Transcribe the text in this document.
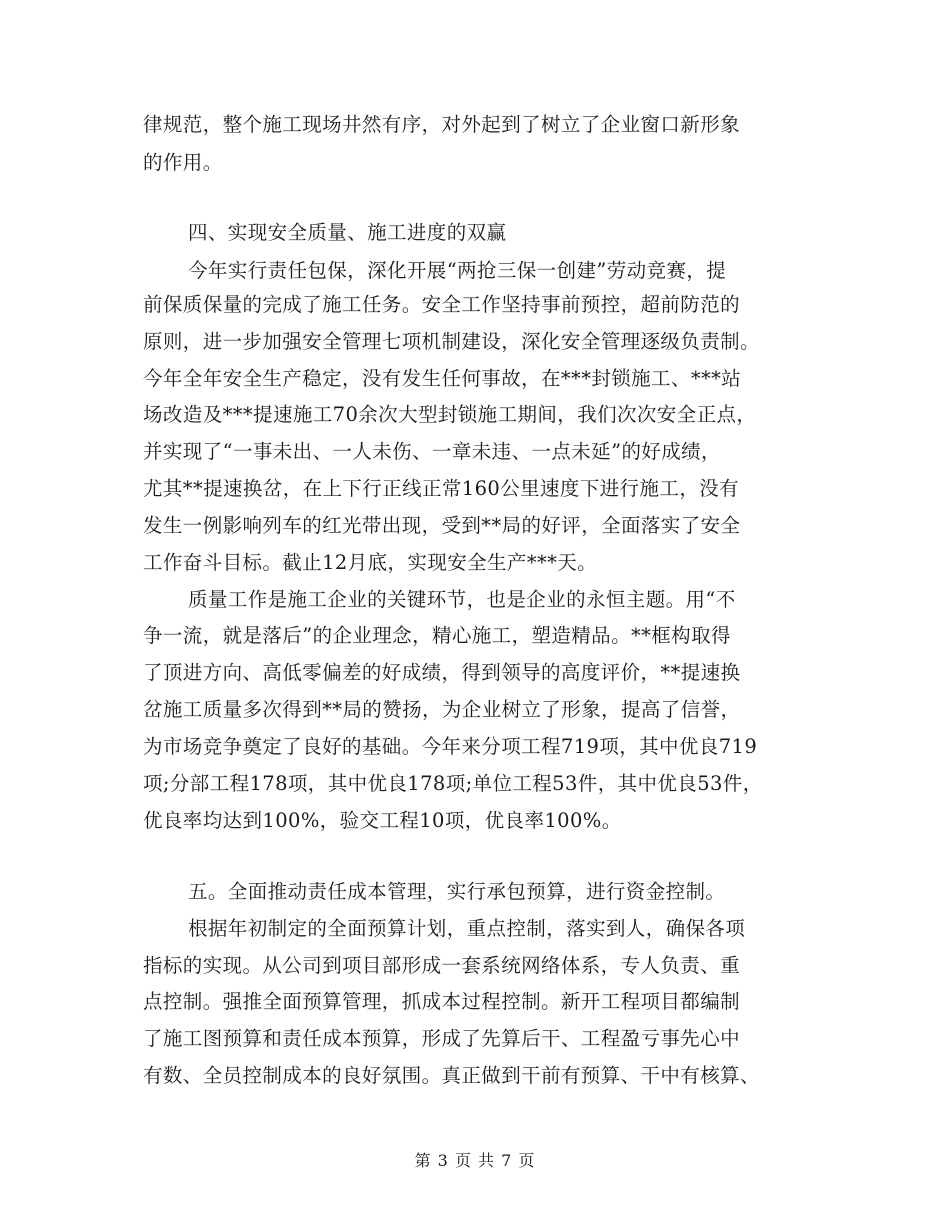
律规范，整个施工现场井然有序，对外起到了树立了企业窗口新形象
的作用。
四、实现安全质量、施工进度的双赢
今年实行责任包保，深化开展“两抢三保一创建”劳动竞赛，提
前保质保量的完成了施工任务。安全工作坚持事前预控，超前防范的
原则，进一步加强安全管理七项机制建设，深化安全管理逐级负责制。
今年全年安全生产稳定，没有发生任何事故，在***封锁施工、***站
场改造及***提速施工70余次大型封锁施工期间，我们次次安全正点，
并实现了“一事未出、一人未伤、一章未违、一点未延”的好成绩，
尤其**提速换岔，在上下行正线正常160公里速度下进行施工，没有
发生一例影响列车的红光带出现，受到**局的好评，全面落实了安全
工作奋斗目标。截止12月底，实现安全生产***天。
质量工作是施工企业的关键环节，也是企业的永恒主题。用“不
争一流，就是落后”的企业理念，精心施工，塑造精品。**框构取得
了顶进方向、高低零偏差的好成绩，得到领导的高度评价，**提速换
岔施工质量多次得到**局的赞扬，为企业树立了形象，提高了信誉，
为市场竞争奠定了良好的基础。今年来分项工程719项，其中优良719
项;分部工程178项，其中优良178项;单位工程53件，其中优良53件，
优良率均达到100%，验交工程10项，优良率100%。
五。全面推动责任成本管理，实行承包预算，进行资金控制。
根据年初制定的全面预算计划，重点控制，落实到人，确保各项
指标的实现。从公司到项目部形成一套系统网络体系，专人负责、重
点控制。强推全面预算管理，抓成本过程控制。新开工程项目都编制
了施工图预算和责任成本预算，形成了先算后干、工程盈亏事先心中
有数、全员控制成本的良好氛围。真正做到干前有预算、干中有核算、
第 3 页 共 7 页
